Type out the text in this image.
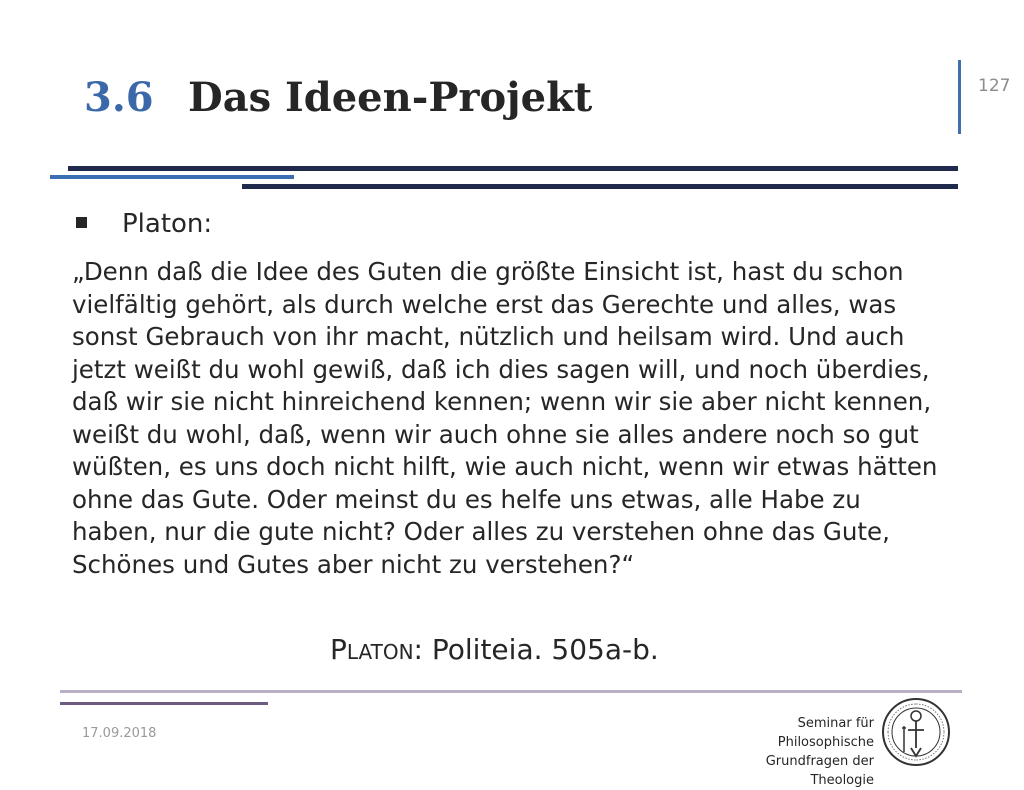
3.6 Das Ideen-Projekt	127
Platon:
„Denn daß die Idee des Guten die größte Einsicht ist, hast du schon vielfältig gehört, als durch welche erst das Gerechte und alles, was sonst Gebrauch von ihr macht, nützlich und heilsam wird. Und auch jetzt weißt du wohl gewiß, daß ich dies sagen will, und noch überdies, daß wir sie nicht hinreichend kennen; wenn wir sie aber nicht kennen, weißt du wohl, daß, wenn wir auch ohne sie alles andere noch so gut wüßten, es uns doch nicht hilft, wie auch nicht, wenn wir etwas hätten ohne das Gute. Oder meinst du es helfe uns etwas, alle Habe zu haben, nur die gute nicht? Oder alles zu verstehen ohne das Gute, Schönes und Gutes aber nicht zu verstehen?“
Platon: Politeia. 505a-b.
17.09.2018
Seminar für Philosophische
Grundfragen der Theologie
